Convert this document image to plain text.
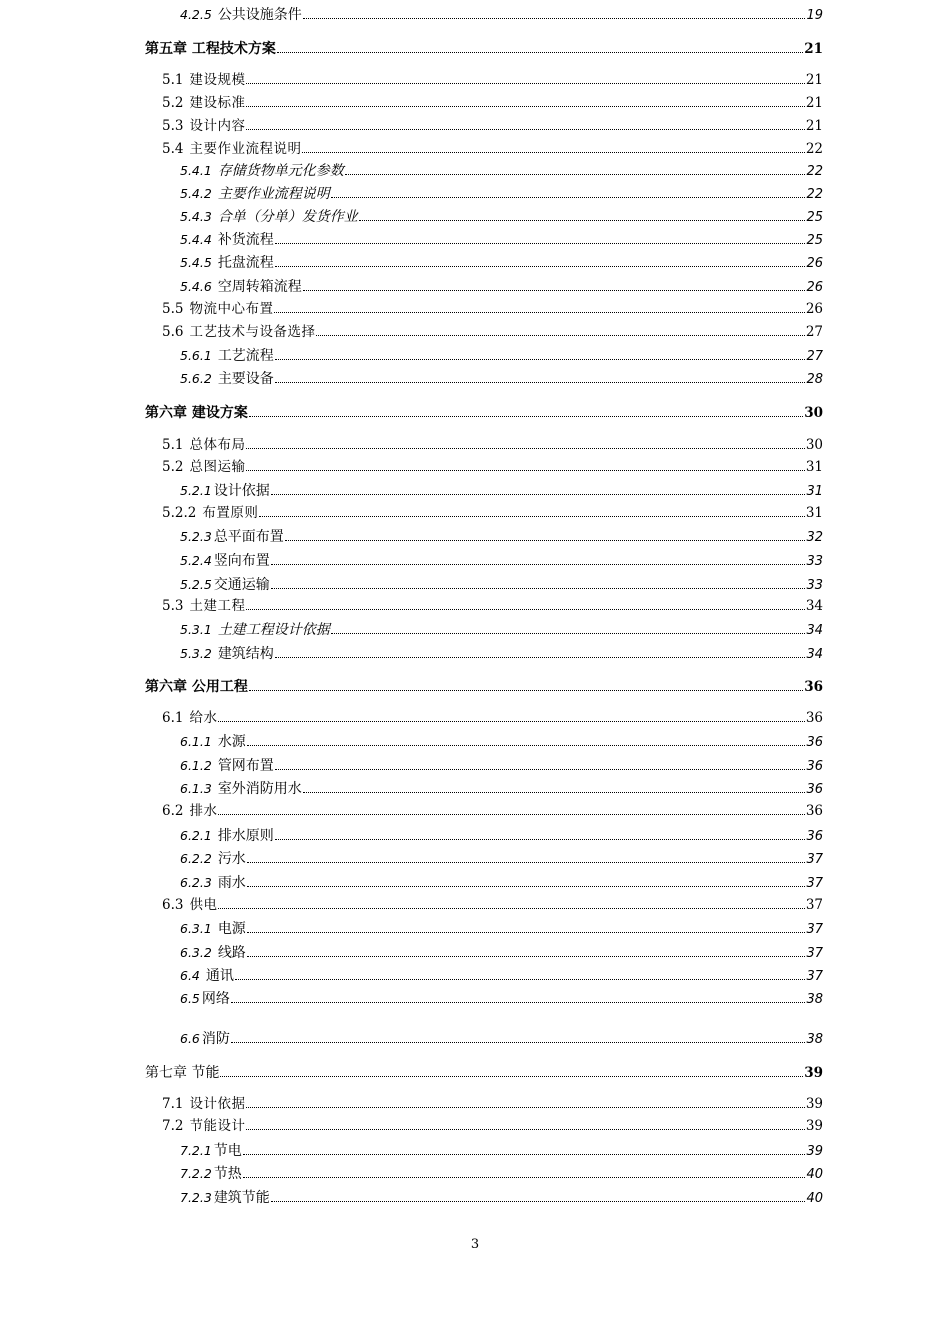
4.2.5 公共设施条件	19
第五章 工程技术方案	21
5.1 建设规模	21
5.2 建设标准	21
5.3 设计内容	21
5.4 主要作业流程说明	22
5.4.1 存储货物单元化参数	22
5.4.2 主要作业流程说明	22
5.4.3 合单（分单）发货作业	25
5.4.4 补货流程	25
5.4.5 托盘流程	26
5.4.6 空周转箱流程	26
5.5 物流中心布置	26
5.6 工艺技术与设备选择	27
5.6.1 工艺流程	27
5.6.2 主要设备	28
第六章 建设方案	30
5.1 总体布局	30
5.2 总图运输	31
5.2.1 设计依据	31
5.2.2 布置原则	31
5.2.3 总平面布置	32
5.2.4 竖向布置	33
5.2.5 交通运输	33
5.3 土建工程	34
5.3.1 土建工程设计依据	34
5.3.2 建筑结构	34
第六章 公用工程	36
6.1 给水	36
6.1.1 水源	36
6.1.2 管网布置	36
6.1.3 室外消防用水	36
6.2 排水	36
6.2.1 排水原则	36
6.2.2 污水	37
6.2.3 雨水	37
6.3 供电	37
6.3.1 电源	37
6.3.2 线路	37
6.4 通讯	37
6.5 网络	38
6.6 消防	38
第七章 节能	39
7.1 设计依据	39
7.2 节能设计	39
7.2.1 节电	39
7.2.2 节热	40
7.2.3 建筑节能	40
3
